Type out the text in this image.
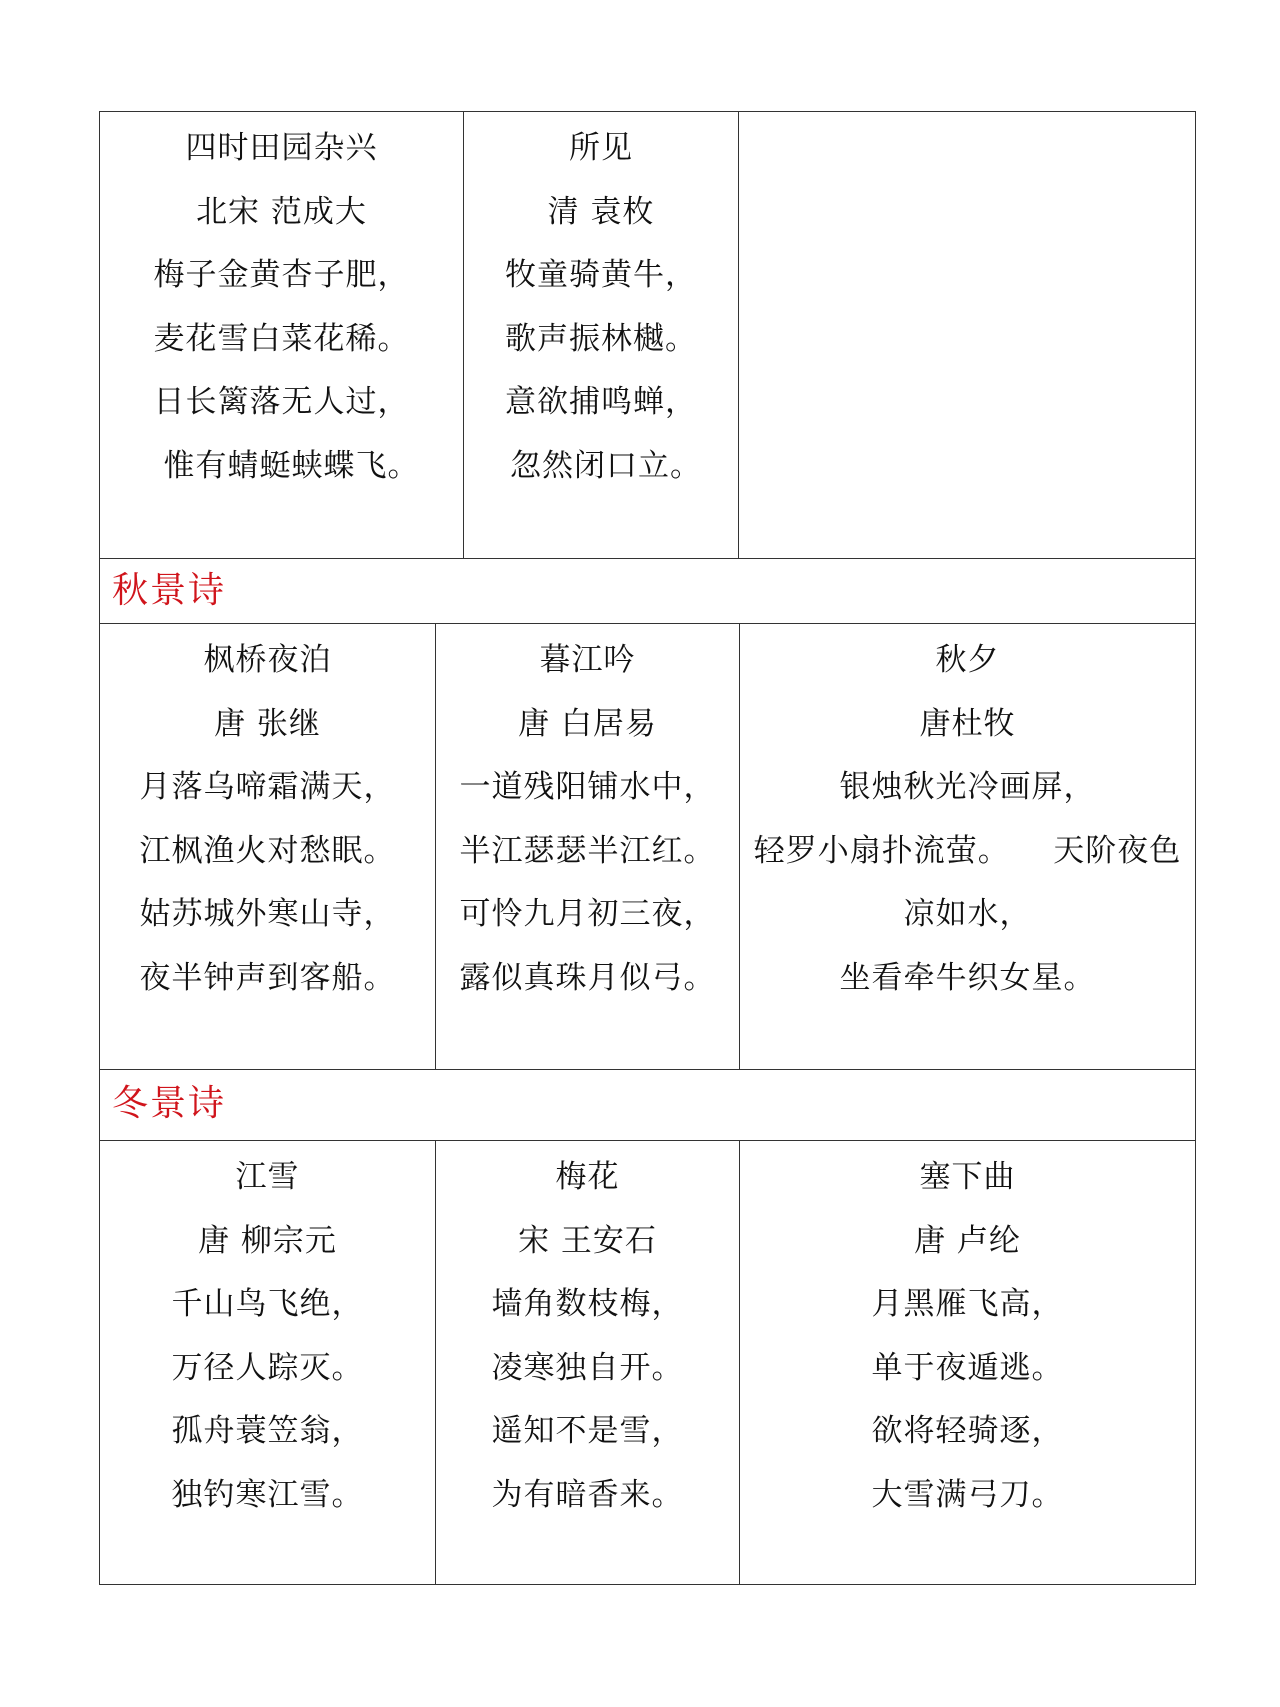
四时田园杂兴
北宋 范成大
梅子金黄杏子肥，
麦花雪白菜花稀。
日长篱落无人过，
惟有蜻蜓蛱蝶飞。
所见
清 袁枚
牧童骑黄牛，
歌声振林樾。
意欲捕鸣蝉，
忽然闭口立。
秋景诗
枫桥夜泊
唐 张继
月落乌啼霜满天，
江枫渔火对愁眠。
姑苏城外寒山寺，
夜半钟声到客船。
暮江吟
唐 白居易
一道残阳铺水中，
半江瑟瑟半江红。
可怜九月初三夜，
露似真珠月似弓。
秋夕
唐杜牧
银烛秋光冷画屏，
轻罗小扇扑流萤。    天阶夜色
凉如水，
坐看牵牛织女星。
冬景诗
江雪
唐 柳宗元
千山鸟飞绝，
万径人踪灭。
孤舟蓑笠翁，
独钓寒江雪。
梅花
宋 王安石
墙角数枝梅，
凌寒独自开。
遥知不是雪，
为有暗香来。
塞下曲
唐 卢纶
月黑雁飞高，
单于夜遁逃。
欲将轻骑逐，
大雪满弓刀。
